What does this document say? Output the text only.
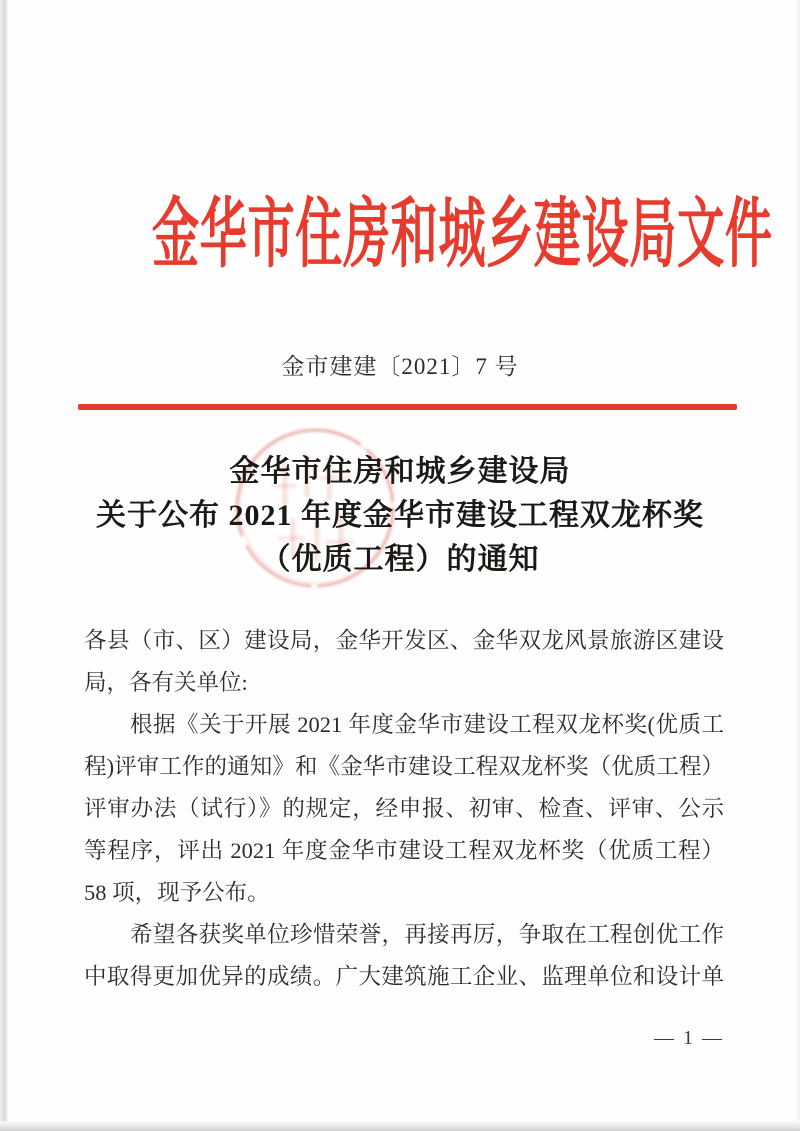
金华市住房和城乡建设局文件
金市建建〔2021〕7 号
金华市住房和城乡建设局
关于公布 2021 年度金华市建设工程双龙杯奖
（优质工程）的通知
各县（市、区）建设局，金华开发区、金华双龙风景旅游区建设
局，各有关单位:
根据《关于开展 2021 年度金华市建设工程双龙杯奖(优质工
程)评审工作的通知》和《金华市建设工程双龙杯奖（优质工程）
评审办法（试行）》的规定，经申报、初审、检查、评审、公示
等程序，评出 2021 年度金华市建设工程双龙杯奖（优质工程）
58 项，现予公布。
希望各获奖单位珍惜荣誉，再接再厉，争取在工程创优工作
中取得更加优异的成绩。广大建筑施工企业、监理单位和设计单
— 1 —
